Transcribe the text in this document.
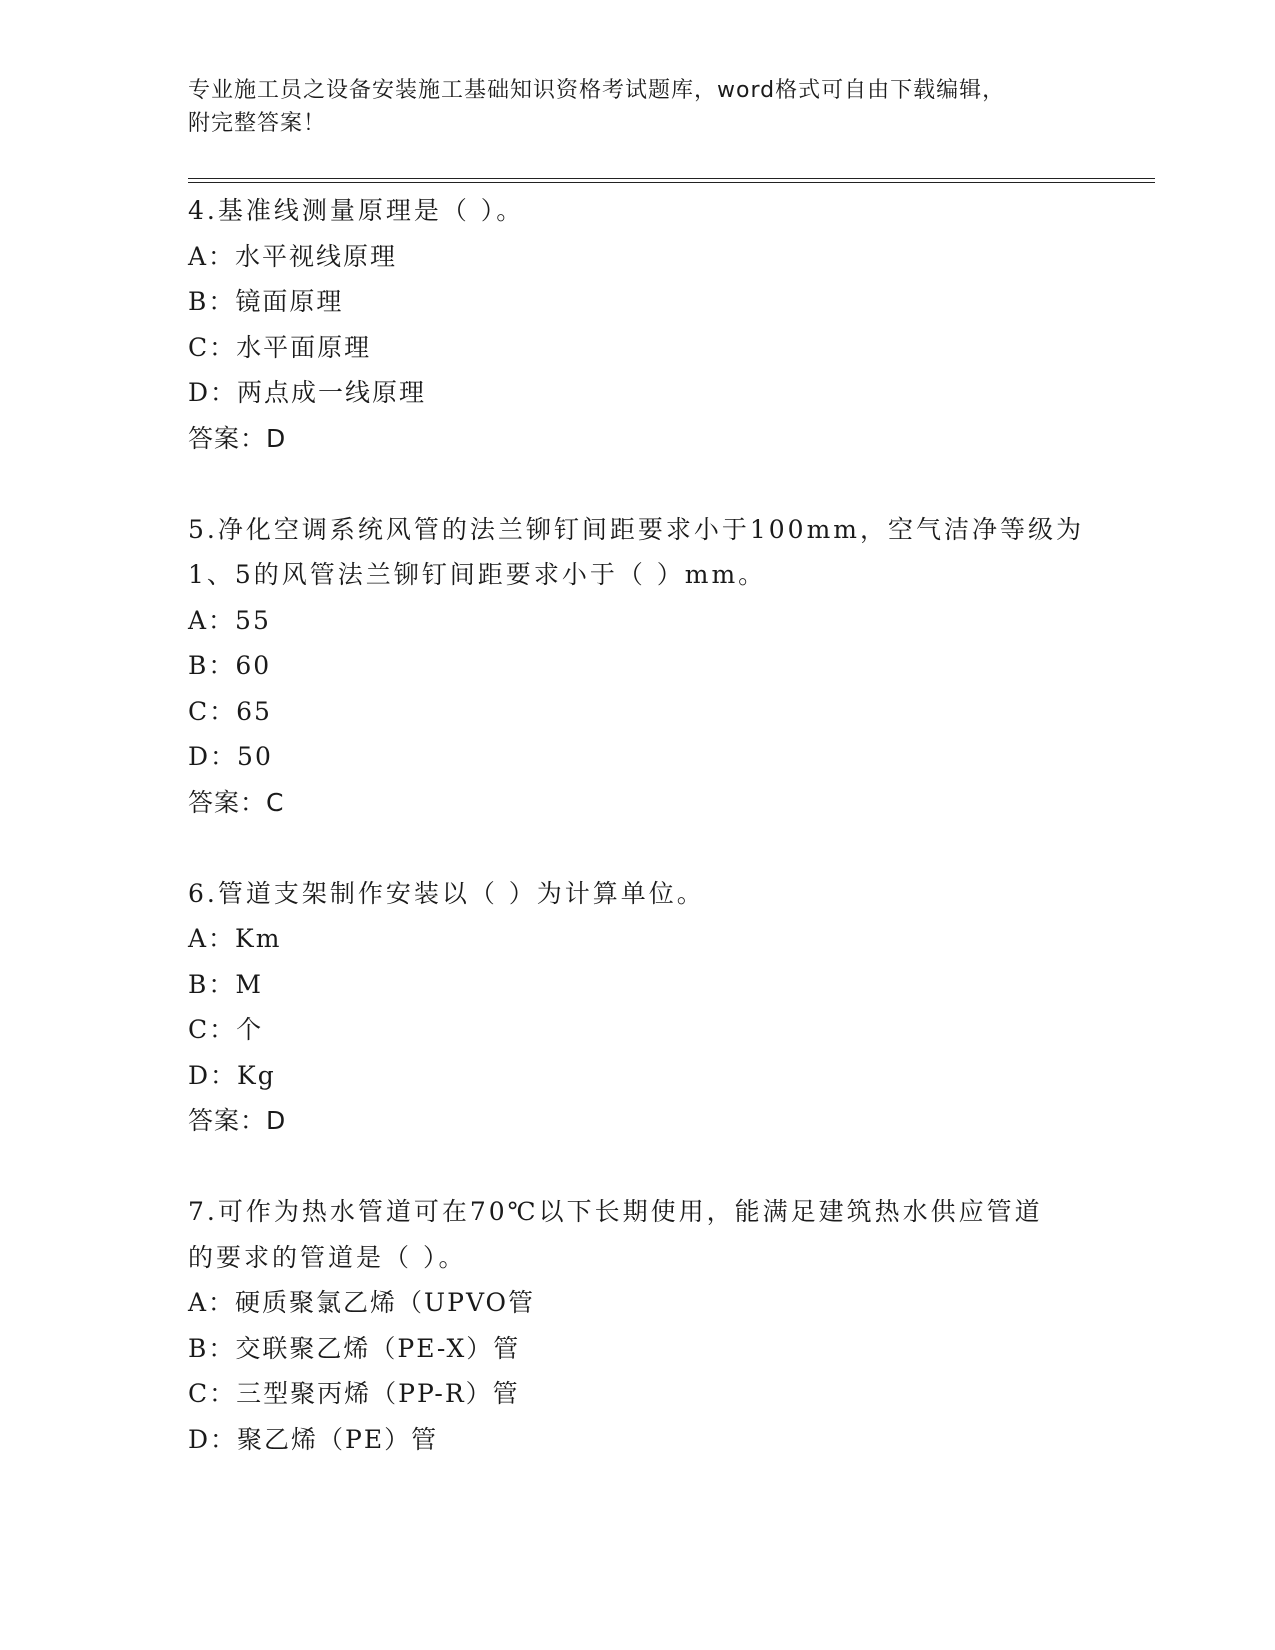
专业施工员之设备安装施工基础知识资格考试题库，word格式可自由下载编辑，
附完整答案！
4.基准线测量原理是（ ）。
A：水平视线原理
B：镜面原理
C：水平面原理
D：两点成一线原理
答案：D
5.净化空调系统风管的法兰铆钉间距要求小于100mm，空气洁净等级为
1、5的风管法兰铆钉间距要求小于（ ）mm。
A：55
B：60
C：65
D：50
答案：C
6.管道支架制作安装以（ ）为计算单位。
A：Km
B：M
C：个
D：Kg
答案：D
7.可作为热水管道可在70℃以下长期使用，能满足建筑热水供应管道
的要求的管道是（ ）。
A：硬质聚氯乙烯（UPVO管
B：交联聚乙烯（PE-X）管
C：三型聚丙烯（PP-R）管
D：聚乙烯（PE）管
